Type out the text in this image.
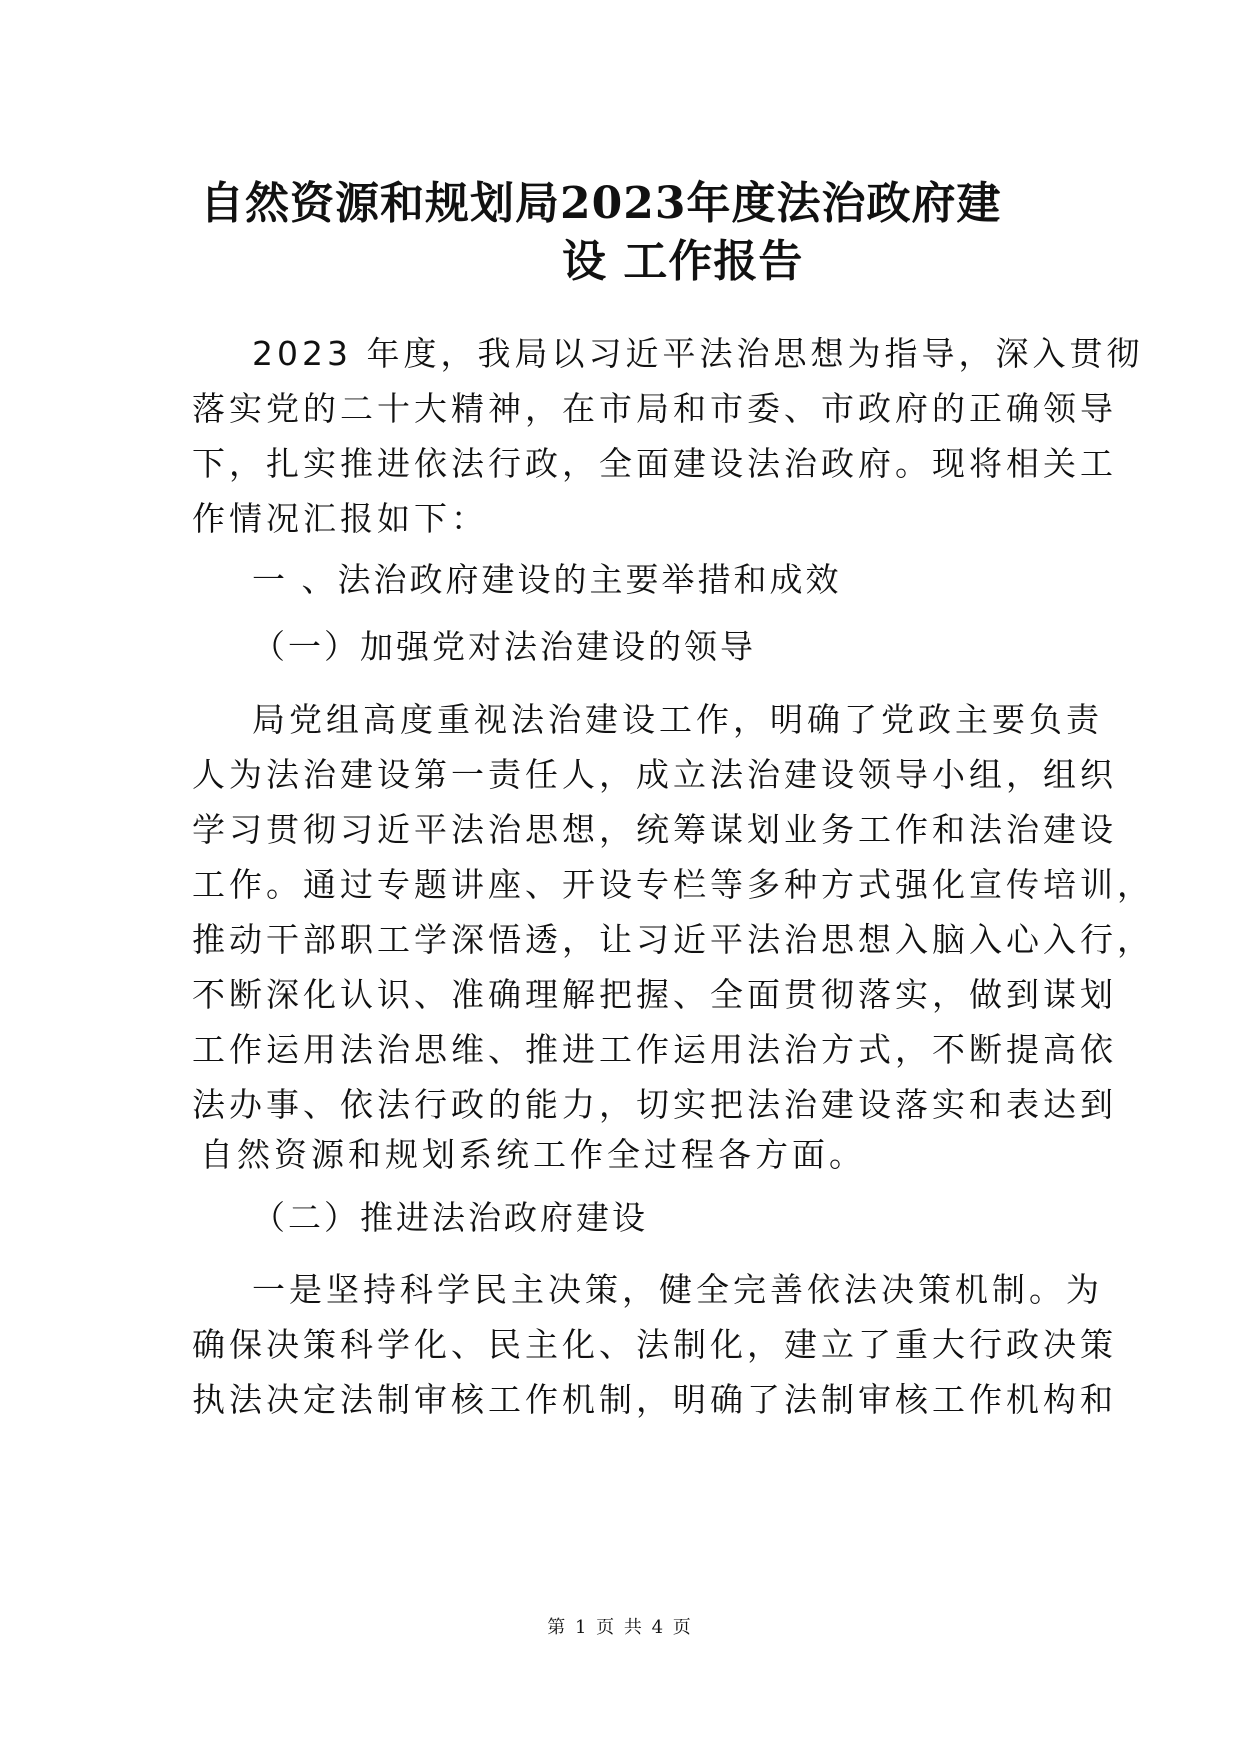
自然资源和规划局2023年度法治政府建
设 工作报告
2023 年度，我局以习近平法治思想为指导，深入贯彻
落实党的二十大精神，在市局和市委、市政府的正确领导
下，扎实推进依法行政，全面建设法治政府。现将相关工
作情况汇报如下：
一 、法治政府建设的主要举措和成效
（一）加强党对法治建设的领导
局党组高度重视法治建设工作，明确了党政主要负责
人为法治建设第一责任人，成立法治建设领导小组，组织
学习贯彻习近平法治思想，统筹谋划业务工作和法治建设
工作。通过专题讲座、开设专栏等多种方式强化宣传培训，
推动干部职工学深悟透，让习近平法治思想入脑入心入行，
不断深化认识、准确理解把握、全面贯彻落实，做到谋划
工作运用法治思维、推进工作运用法治方式，不断提高依
法办事、依法行政的能力，切实把法治建设落实和表达到
自然资源和规划系统工作全过程各方面。
（二）推进法治政府建设
一是坚持科学民主决策，健全完善依法决策机制。为
确保决策科学化、民主化、法制化，建立了重大行政决策
执法决定法制审核工作机制，明确了法制审核工作机构和
第 1 页 共 4 页
